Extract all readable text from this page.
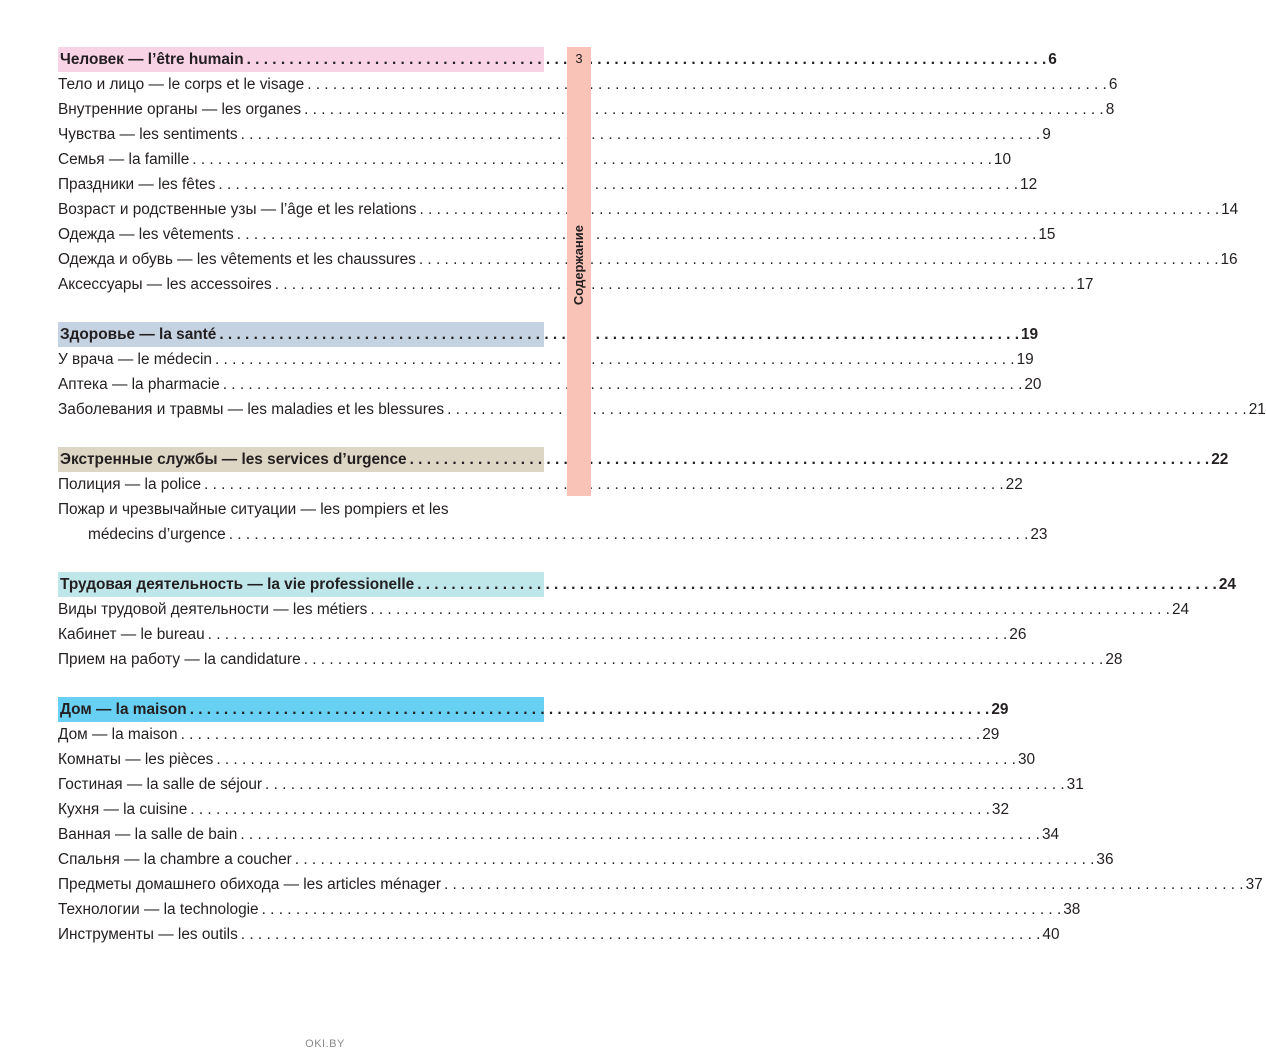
Человек — l’être humain . . .	6
Тело и лицо — le corps et le visage . . .	6
Внутренние органы — les organes . . .	8
Чувства — les sentiments . . .	9
Семья — la famille . . .	10
Праздники — les fêtes . . .	12
Возраст и родственные узы — l’âge et les relations . . .	14
Одежда — les vêtements . . .	15
Одежда и обувь — les vêtements et les chaussures . . .	16
Аксессуары — les accessoires . . .	17
Здоровье — la santé . . .	19
У врача — le médecin . . .	19
Аптека — la pharmacie . . .	20
Заболевания и травмы — les maladies et les blessures . . .	21
Экстренные службы — les services d’urgence . . .	22
Полиция — la police . . .	22
Пожар и чрезвычайные ситуации — les pompiers et les
médecins d’urgence . . .	23
Трудовая деятельность — la vie professionelle . . .	24
Виды трудовой деятельности — les métiers . . .	24
Кабинет — le bureau . . .	26
Прием на работу — la candidature . . .	28
Дом — la maison . . .	29
Дом — la maison . . .	29
Комнаты — les pièces . . .	30
Гостиная — la salle de séjour . . .	31
Кухня — la cuisine . . .	32
Ванная — la salle de bain . . .	34
Спальня — la chambre a coucher . . .	36
Предметы домашнего обихода — les articles ménager . . .	37
Технологии — la technologie . . .	38
Инструменты — les outils . . .	40
3
Содержание
OKI.BY
